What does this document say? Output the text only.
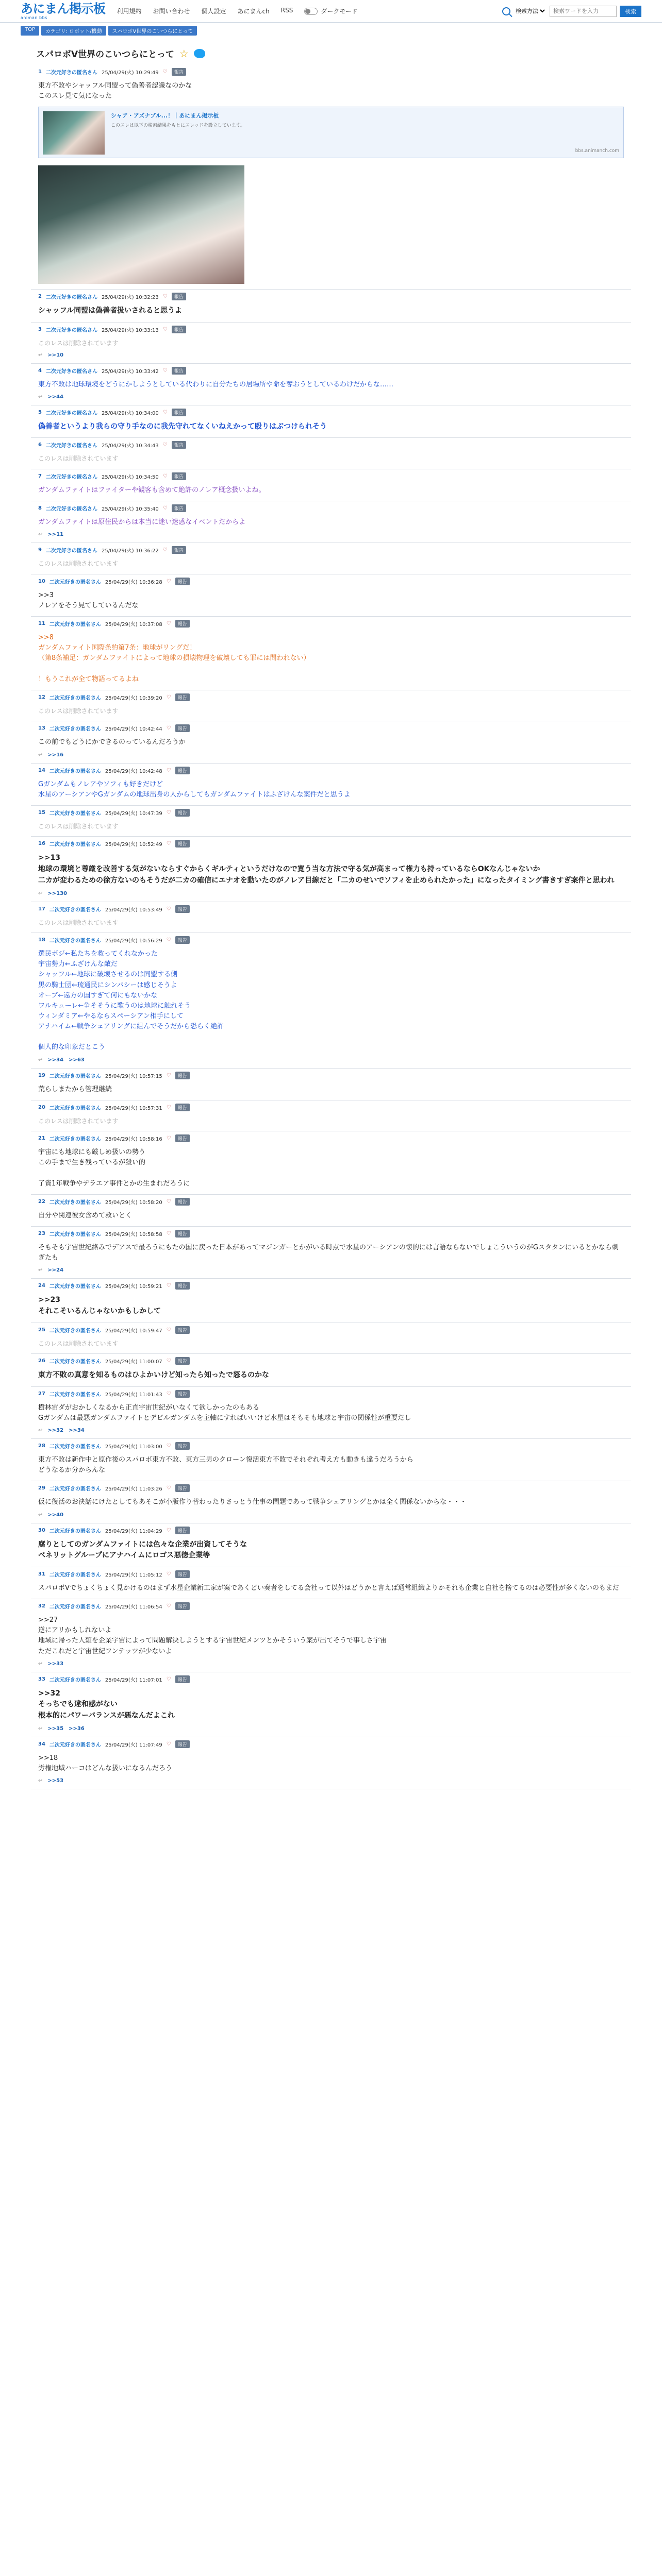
あにまん掲示板
animan bbs
利用規約 お問い合わせ 個人設定 あにまんch RSS	ダークモード
検索方法
検索ワードを入力	検索
TOP	カテゴリ: ロボット/機動	スパロボV世界のこいつらにとって
スパロボV世界のこいつらにとって ☆
1 二次元好きの匿名さん 25/04/29(火) 10:29:49 ♡	報告
東方不敗やシャッフル同盟って偽善者認識なのかな
このスレ見て気になった
シャア・アズナブル...！｜あにまん掲示板
このスレは以下の検索結果をもとにスレッドを設立しています。
bbs.animanch.com
2 二次元好きの匿名さん 25/04/29(火) 10:32:23 ♡	報告
シャッフル同盟は偽善者扱いされると思うよ
3 二次元好きの匿名さん 25/04/29(火) 10:33:13 ♡	報告
このレスは削除されています
↩ >>10
4 二次元好きの匿名さん 25/04/29(火) 10:33:42 ♡	報告
東方不敗は地球環境をどうにかしようとしている代わりに自分たちの居場所や命を奪おうとしているわけだからな……
↩ >>44
5 二次元好きの匿名さん 25/04/29(火) 10:34:00 ♡	報告
偽善者というより我らの守り手なのに我先守れてなくいねえかって殴りはぶつけられそう
6 二次元好きの匿名さん 25/04/29(火) 10:34:43 ♡	報告
このレスは削除されています
7 二次元好きの匿名さん 25/04/29(火) 10:34:50 ♡	報告
ガンダムファイトはファイターや観客も含めて絶許のノレア概念扱いよね。
8 二次元好きの匿名さん 25/04/29(火) 10:35:40 ♡	報告
ガンダムファイトは原住民からは本当に迷い迷惑なイベントだからよ
↩ >>11
9 二次元好きの匿名さん 25/04/29(火) 10:36:22 ♡	報告
このレスは削除されています
10 二次元好きの匿名さん 25/04/29(火) 10:36:28 ♡	報告
>>3
ノレアをそう見てしているんだな
11 二次元好きの匿名さん 25/04/29(火) 10:37:08 ♡	報告
>>8
ガンダムファイト国際条約第7条：地球がリングだ！
（第8条補足：ガンダムファイトによって地球の損壊物理を破壊しても罪には問われない）

！もうこれが全て物語ってるよね
12 二次元好きの匿名さん 25/04/29(火) 10:39:20 ♡	報告
このレスは削除されています
13 二次元好きの匿名さん 25/04/29(火) 10:42:44 ♡	報告
この前でもどうにかできるのっているんだろうか
↩ >>16
14 二次元好きの匿名さん 25/04/29(火) 10:42:48 ♡	報告
Gガンダムもノレアやソフィも好きだけど
水星のアーシアンやGガンダムの地球出身の人からしてもガンダムファイトはふざけんな案件だと思うよ
15 二次元好きの匿名さん 25/04/29(火) 10:47:39 ♡	報告
このレスは削除されています
16 二次元好きの匿名さん 25/04/29(火) 10:52:49 ♡	報告
>>13
地球の環境と尊厳を改善する気がないならすぐからくギルティというだけなので寛う当な方法で守る気が高まって権力も持っているならOKなんじゃないか
二カが変わるための徐方ないのもそうだが二カの確信にエナオを動いたのがノレア目線だと「二カのせいでソフィを止められたかった」になったタイミング書きすぎ案件と思われ
↩ >>130
17 二次元好きの匿名さん 25/04/29(火) 10:53:49 ♡	報告
このレスは削除されています
18 二次元好きの匿名さん 25/04/29(火) 10:56:29 ♡	報告
選民ボジ←私たちを救ってくれなかった
宇宙勢力←ふざけんな敵だ
シャッフル←地球に破壊させるのは同盟する側
黒の騎士団←琉通民にシンパシーは感じそうよ
オーブ←遠方の国すぎて何にもないかな
ワルキューレ←争そそうに歌うのは地球に触れそう
ウィンダミア←やるならスペーシアン相手にして
アナハイム←戦争シェアリングに組んでそうだから恐らく絶許

個人的な印象だとこう
↩ >>34 >>63
19 二次元好きの匿名さん 25/04/29(火) 10:57:15 ♡	報告
荒らしまたから管理継続
20 二次元好きの匿名さん 25/04/29(火) 10:57:31 ♡	報告
このレスは削除されています
21 二次元好きの匿名さん 25/04/29(火) 10:58:16 ♡	報告
宇宙にも地球にも厳しめ扱いの勢う
この手まで生き残っているが殺い的

了資1年戦争やデラエア事件とかの生まれだろうに
22 二次元好きの匿名さん 25/04/29(火) 10:58:20 ♡	報告
自分や関連彼女含めて救いとく
23 二次元好きの匿名さん 25/04/29(火) 10:58:58 ♡	報告
そもそも宇宙世紀絡みでデアスで最ろうにもたの国に戻った日本があってマジンガーとかがいる時点で水星のアーシアンの懐的には言語ならないでしょこういうのがGスタタンにいるとかなら刺ぎたも
↩ >>24
24 二次元好きの匿名さん 25/04/29(火) 10:59:21 ♡	報告
>>23
それこそいるんじゃないかもしかして
25 二次元好きの匿名さん 25/04/29(火) 10:59:47 ♡	報告
このレスは削除されています
26 二次元好きの匿名さん 25/04/29(火) 11:00:07 ♡	報告
東方不敗の真意を知るものはひよかいけど知ったら知ったで怒るのかな
27 二次元好きの匿名さん 25/04/29(火) 11:01:43 ♡	報告
樹林宙ダがおかしくなるから正直宇宙世紀がいなくて欲しかったのもある
Gガンダムは最悪ガンダムファイトとデビルガンダムを主軸にすればいいけど水星はそもそも地球と宇宙の関係性が重要だし
↩ >>32 >>34
28 二次元好きの匿名さん 25/04/29(火) 11:03:00 ♡	報告
東方不敗は新作中と原作後のスパロボ東方不敗、東方三男のクローン復活東方不敗でそれぞれ考え方も動きも違うだろうから
どうなるか分からんな
29 二次元好きの匿名さん 25/04/29(火) 11:03:26 ♡	報告
仮に復活のお決話にけたとしてもあそこが小版作り替わったりさっとう仕事の問題であって戦争シェアリングとかは全く関係ないからな・・・
↩ >>40
30 二次元好きの匿名さん 25/04/29(火) 11:04:29 ♡	報告
腐りとしてのガンダムファイトには色々な企業が出資してそうな
ベネリットグループにアナハイムにロゴス悪徳企業等
31 二次元好きの匿名さん 25/04/29(火) 11:05:12 ♡	報告
スパロボVでちょくちょく見かけるのはまず水星企業新工家が案であくどい奏者をしてる会社って以外はどうかと言えば通常組織よりかそれも企業と自社を捨てるのは必要性が多くないのもまだ
32 二次元好きの匿名さん 25/04/29(火) 11:06:54 ♡	報告
>>27
逆にアリかもしれないよ
地域に帰った人類を企業宇宙によって問題解決しようとする宇宙世紀メンツとかそういう案が出てそうで事しさ宇宙
ただこれだと宇宙世紀フンテッツが少ないよ
↩ >>33
33 二次元好きの匿名さん 25/04/29(火) 11:07:01 ♡	報告
>>32
そっちでも違和感がない
根本的にパワーバランスが悪なんだよこれ
↩ >>35 >>36
34 二次元好きの匿名さん 25/04/29(火) 11:07:49 ♡	報告
>>18
労権地域ハーコはどんな扱いになるんだろう
↩ >>53
